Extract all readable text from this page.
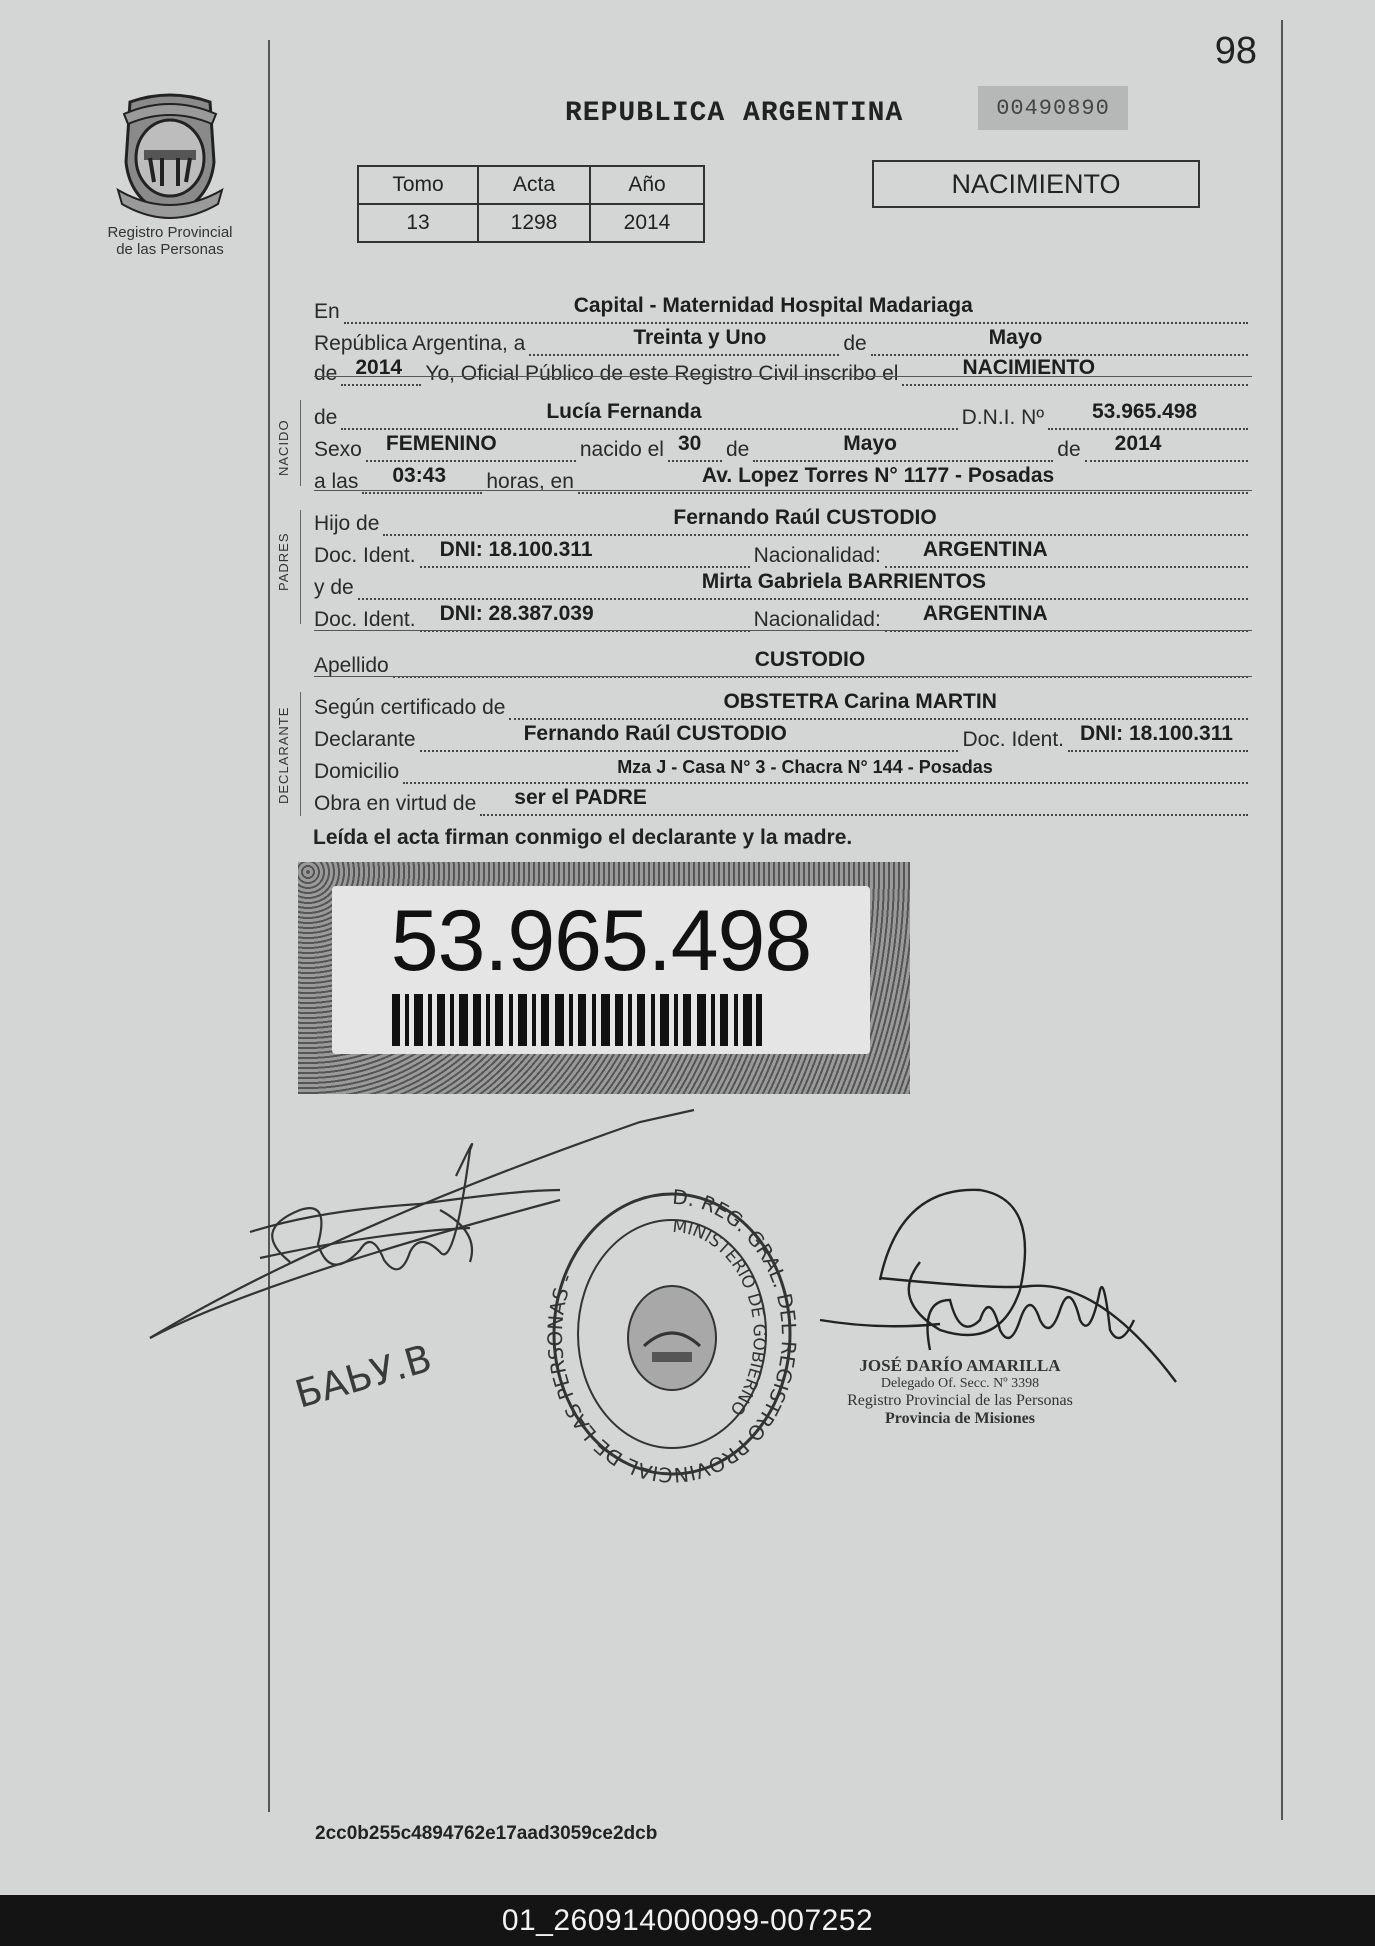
98
Registro Provincial
de las Personas
REPUBLICA ARGENTINA	00490890
Tomo	Acta	Año
13	1298	2014
NACIMIENTO
En	Capital - Maternidad Hospital Madariaga
República Argentina, a	Treinta y Uno	de	Mayo
de 2014 Yo, Oficial Público de este Registro Civil inscribo el	NACIMIENTO
NACIDO
de	Lucía Fernanda	D.N.I. Nº 53.965.498
Sexo FEMENINO	nacido el 30 de	Mayo	de 2014
a las 03:43 horas, en	Av. Lopez Torres N° 1177 - Posadas
PADRES
Hijo de	Fernando Raúl CUSTODIO
Doc. Ident. DNI: 18.100.311	Nacionalidad: ARGENTINA
y de	Mirta Gabriela BARRIENTOS
Doc. Ident. DNI: 28.387.039	Nacionalidad: ARGENTINA
Apellido	CUSTODIO
DECLARANTE Según certificado de	OBSTETRA Carina MARTIN
Declarante	Fernando Raúl CUSTODIO	Doc. Ident. DNI: 18.100.311
Domicilio	Mza J - Casa N° 3 - Chacra N° 144 - Posadas
Obra en virtud de ser el PADRE
Leída el acta firman conmigo el declarante y la madre.
53.965.498
БАЬУ.В
D. REG. GRAL. DEL REGISTRO PROVINCIAL DE LAS PERSONAS -
MINISTERIO DE GOBIERNO
JOSÉ DARÍO AMARILLA
Delegado Of. Secc. Nº 3398
Registro Provincial de las Personas
Provincia de Misiones
2cc0b255c4894762e17aad3059ce2dcb
01_260914000099-007252
